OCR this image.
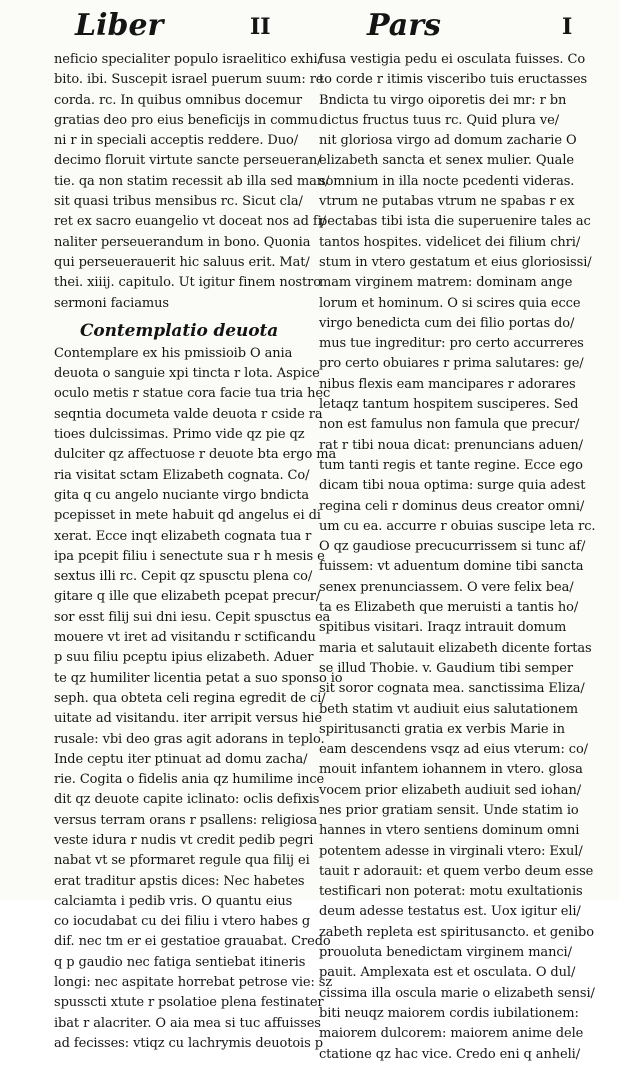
Liber	II	Pars	I
neficio specialiter populo israelitico exhi/
bito. ibi. Suscepit israel puerum suum: re
corda. rc. In quibus omnibus docemur
gratias deo pro eius beneficijs in commu
ni r in speciali acceptis reddere. Duo/
decimo floruit virtute sancte perseueran/
tie. qa non statim recessit ab illa sed man/
sit quasi tribus mensibus rc. Sicut cla/
ret ex sacro euangelio vt doceat nos ad fi/
naliter perseuerandum in bono. Quonia
qui perseuerauerit hic saluus erit. Mat/
thei. xiiij. capitulo. Ut igitur finem nostro
sermoni faciamus
Contemplatio deuota
Contemplare ex his pmissioib O ania
deuota o sanguie xpi tincta r lota. Aspice
oculo metis r statue cora facie tua tria hec
seqntia documeta valde deuota r cside ra
tioes dulcissimas. Primo vide qz pie qz
dulciter qz affectuose r deuote bta ergo ma
ria visitat sctam Elizabeth cognata. Co/
gita q cu angelo nuciante virgo bndicta
pcepisset in mete habuit qd angelus ei di
xerat. Ecce inqt elizabeth cognata tua r
ipa pcepit filiu i senectute sua r h mesis e
sextus illi rc. Cepit qz spusctu plena co/
gitare q ille que elizabeth pcepat precur/
sor esst filij sui dni iesu. Cepit spusctus ea
mouere vt iret ad visitandu r sctificandu
p suu filiu pceptu ipius elizabeth. Aduer
te qz humiliter licentia petat a suo sponso io
seph. qua obteta celi regina egredit de ci/
uitate ad visitandu. iter arripit versus hie
rusale: vbi deo gras agit adorans in teplo.
Inde ceptu iter ptinuat ad domu zacha/
rie. Cogita o fidelis ania qz humilime ince
dit qz deuote capite iclinato: oclis defixis
versus terram orans r psallens: religiosa
veste idura r nudis vt credit pedib pegri
nabat vt se pformaret regule qua filij ei
erat traditur apstis dices: Nec habetes
calciamta i pedib vris. O quantu eius
co iocudabat cu dei filiu i vtero habes g
dif. nec tm er ei gestatioe grauabat. Credo
q p gaudio nec fatiga sentiebat itineris
longi: nec aspitate horrebat petrose vie: sz
spusscti xtute r psolatioe plena festinater
ibat r alacriter. O aia mea si tuc affuisses
ad fecisses: vtiqz cu lachrymis deuotois p
fusa vestigia pedu ei osculata fuisses. Co
to corde r itimis visceribo tuis eructasses
Bndicta tu virgo oiporetis dei mr: r bn
dictus fructus tuus rc. Quid plura ve/
nit gloriosa virgo ad domum zacharie O
elizabeth sancta et senex mulier. Quale
somnium in illa nocte pcedenti videras.
vtrum ne putabas vtrum ne spabas r ex
pectabas tibi ista die superuenire tales ac
tantos hospites. videlicet dei filium chri/
stum in vtero gestatum et eius gloriosissi/
mam virginem matrem: dominam ange
lorum et hominum. O si scires quia ecce
virgo benedicta cum dei filio portas do/
mus tue ingreditur: pro certo accurreres
pro certo obuiares r prima salutares: ge/
nibus flexis eam mancipares r adorares
letaqz tantum hospitem susciperes. Sed
non est famulus non famula que precur/
rat r tibi noua dicat: prenuncians aduen/
tum tanti regis et tante regine. Ecce ego
dicam tibi noua optima: surge quia adest
regina celi r dominus deus creator omni/
um cu ea. accurre r obuias suscipe leta rc.
O qz gaudiose precucurrissem si tunc af/
fuissem: vt aduentum domine tibi sancta
senex prenunciassem. O vere felix bea/
ta es Elizabeth que meruisti a tantis ho/
spitibus visitari. Iraqz intrauit domum
maria et salutauit elizabeth dicente fortas
se illud Thobie. v. Gaudium tibi semper
sit soror cognata mea. sanctissima Eliza/
beth statim vt audiuit eius salutationem
spiritusancti gratia ex verbis Marie in
eam descendens vsqz ad eius vterum: co/
mouit infantem iohannem in vtero. glosa
vocem prior elizabeth audiuit sed iohan/
nes prior gratiam sensit. Unde statim io
hannes in vtero sentiens dominum omni
potentem adesse in virginali vtero: Exul/
tauit r adorauit: et quem verbo deum esse
testificari non poterat: motu exultationis
deum adesse testatus est. Uox igitur eli/
zabeth repleta est spiritusancto. et genibo
prouoluta benedictam virginem manci/
pauit. Amplexata est et osculata. O dul/
cissima illa oscula marie o elizabeth sensi/
biti neuqz maiorem cordis iubilationem:
maiorem dulcorem: maiorem anime dele
ctatione qz hac vice. Credo eni q anheli/
